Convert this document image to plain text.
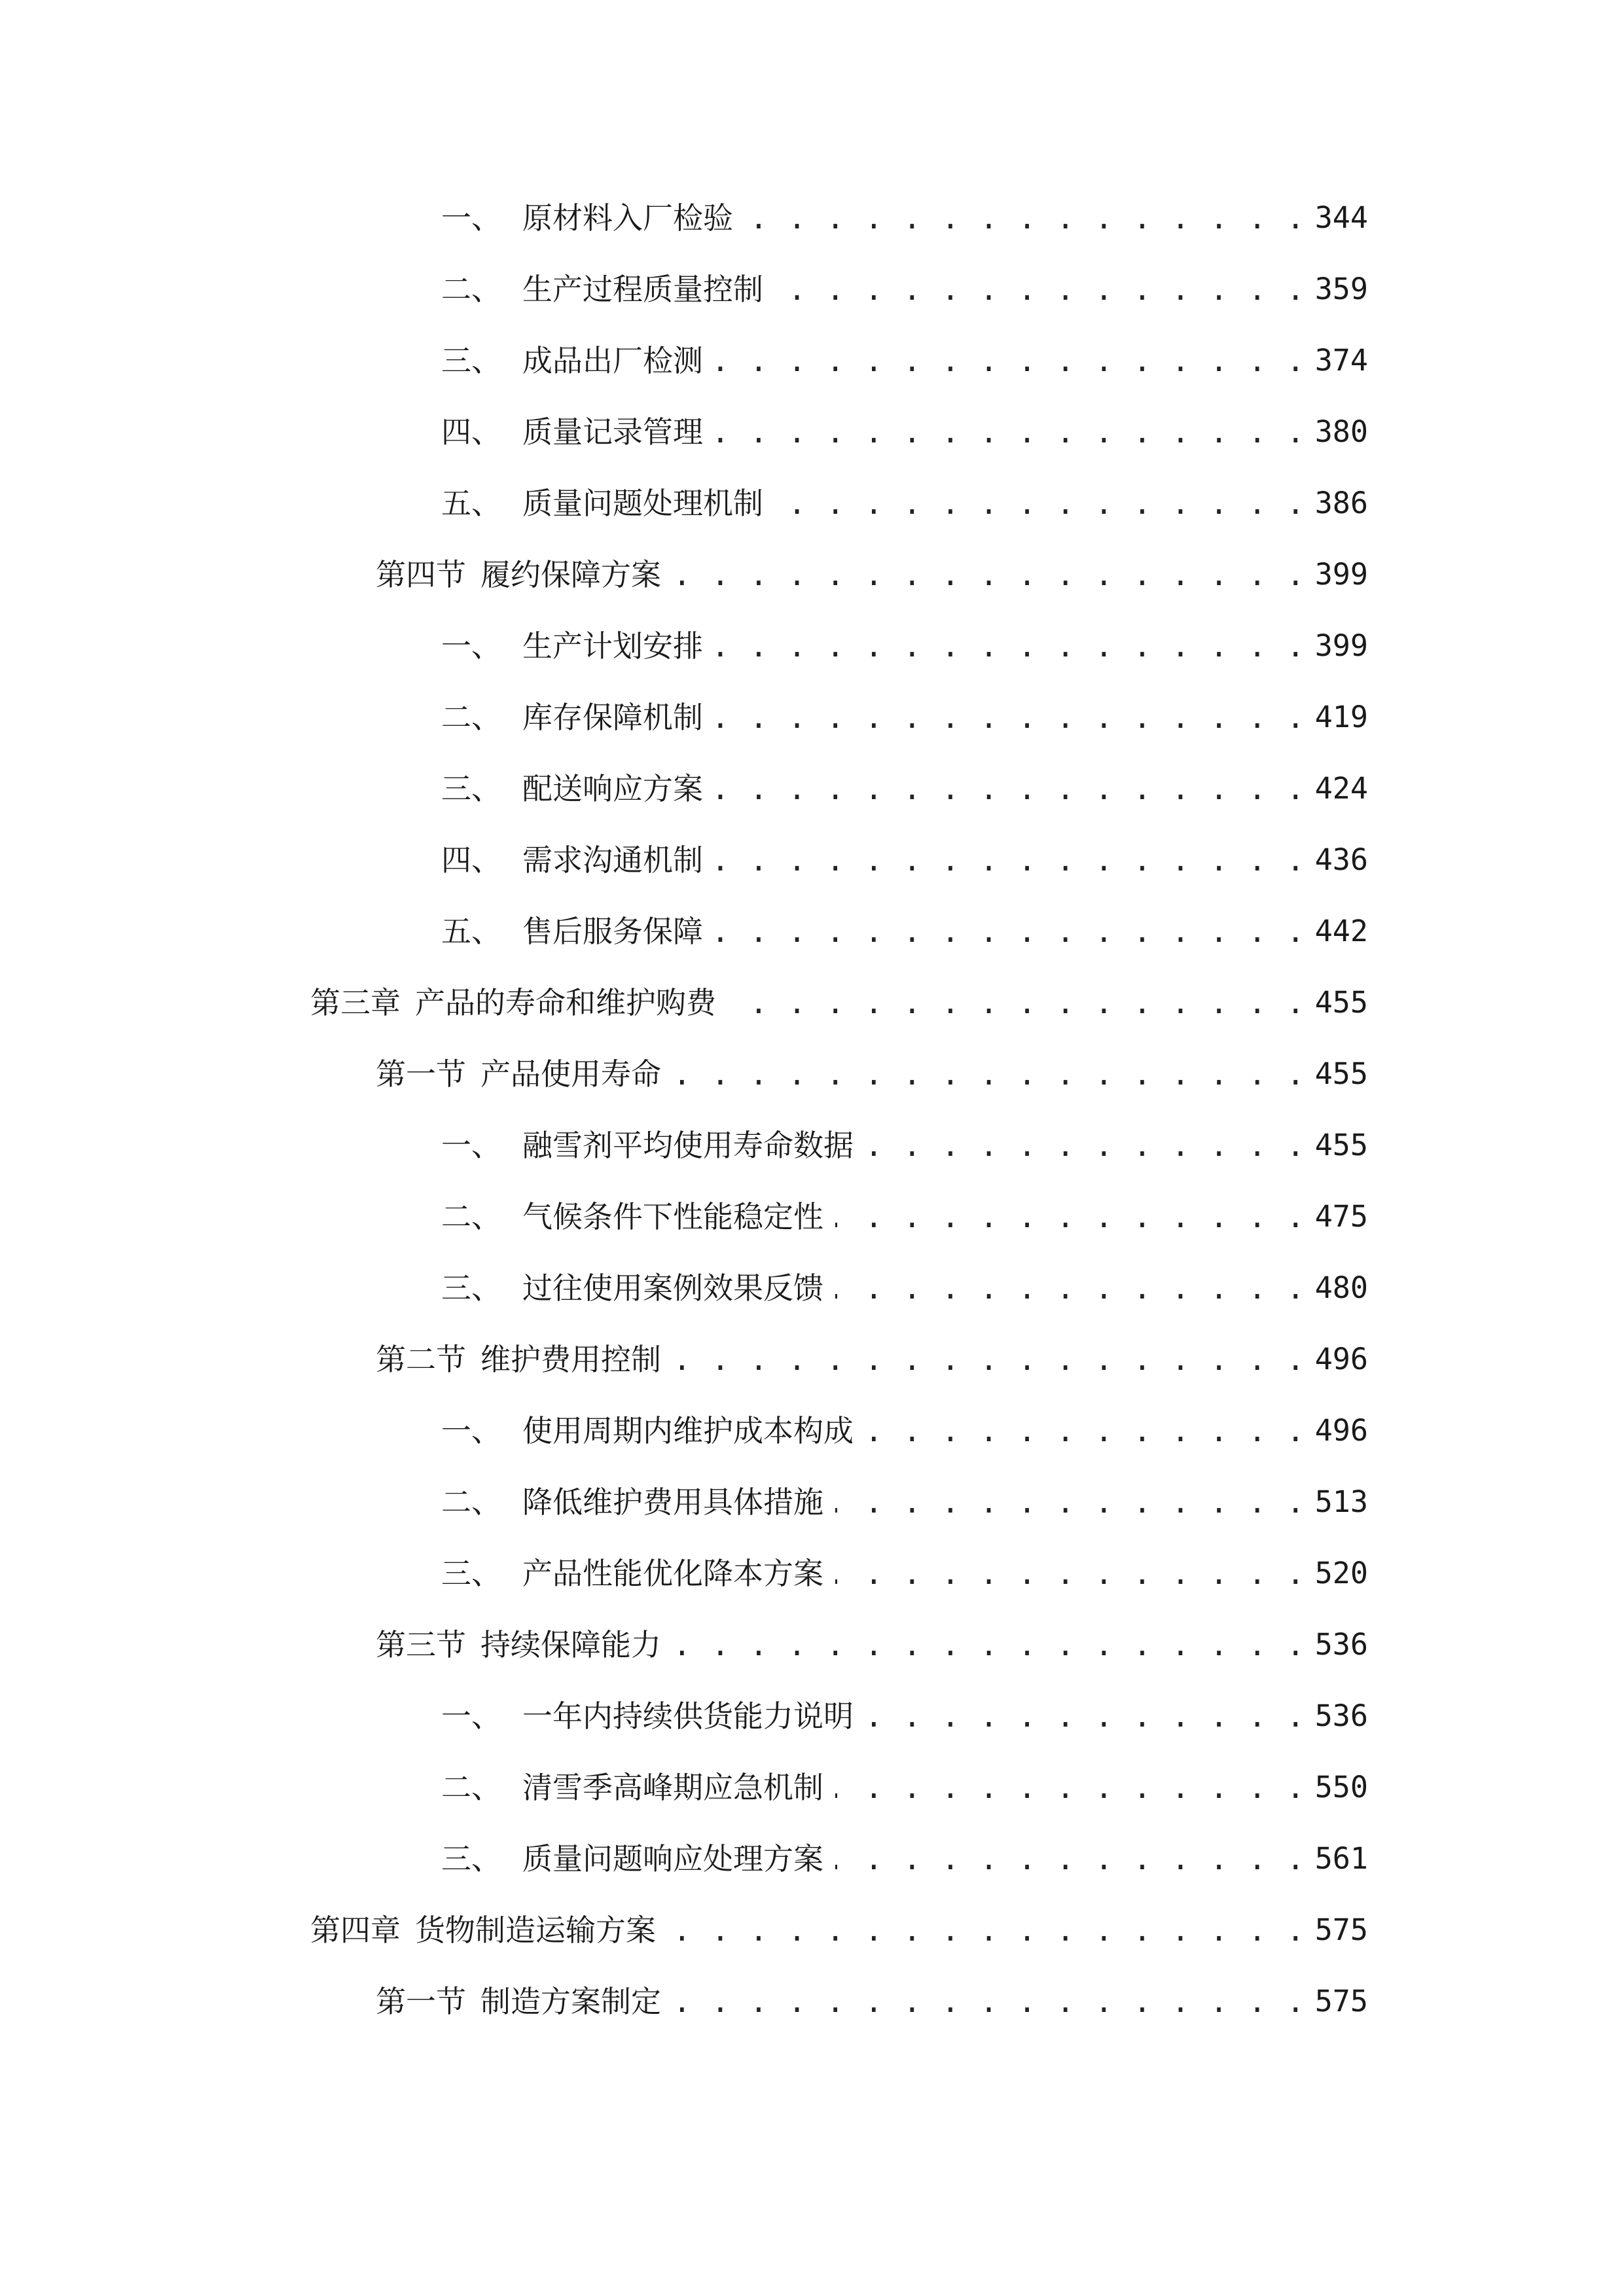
一、 原材料入厂检验 . . .	344
二、 生产过程质量控制 . . .	359
三、 成品出厂检测 . . .	374
四、 质量记录管理 . . .	380
五、 质量问题处理机制 . . .	386
第四节 履约保障方案 . . .	399
一、 生产计划安排 . . .	399
二、 库存保障机制 . . .	419
三、 配送响应方案 . . .	424
四、 需求沟通机制 . . .	436
五、 售后服务保障 . . .	442
第三章 产品的寿命和维护购费 . . .	455
第一节 产品使用寿命 . . .	455
一、 融雪剂平均使用寿命数据 . . .	455
二、 气候条件下性能稳定性 . . .	475
三、 过往使用案例效果反馈 . . .	480
第二节 维护费用控制 . . .	496
一、 使用周期内维护成本构成 . . .	496
二、 降低维护费用具体措施 . . .	513
三、 产品性能优化降本方案 . . .	520
第三节 持续保障能力 . . .	536
一、 一年内持续供货能力说明 . . .	536
二、 清雪季高峰期应急机制 . . .	550
三、 质量问题响应处理方案 . . .	561
第四章 货物制造运输方案 . . .	575
第一节 制造方案制定 . . .	575
